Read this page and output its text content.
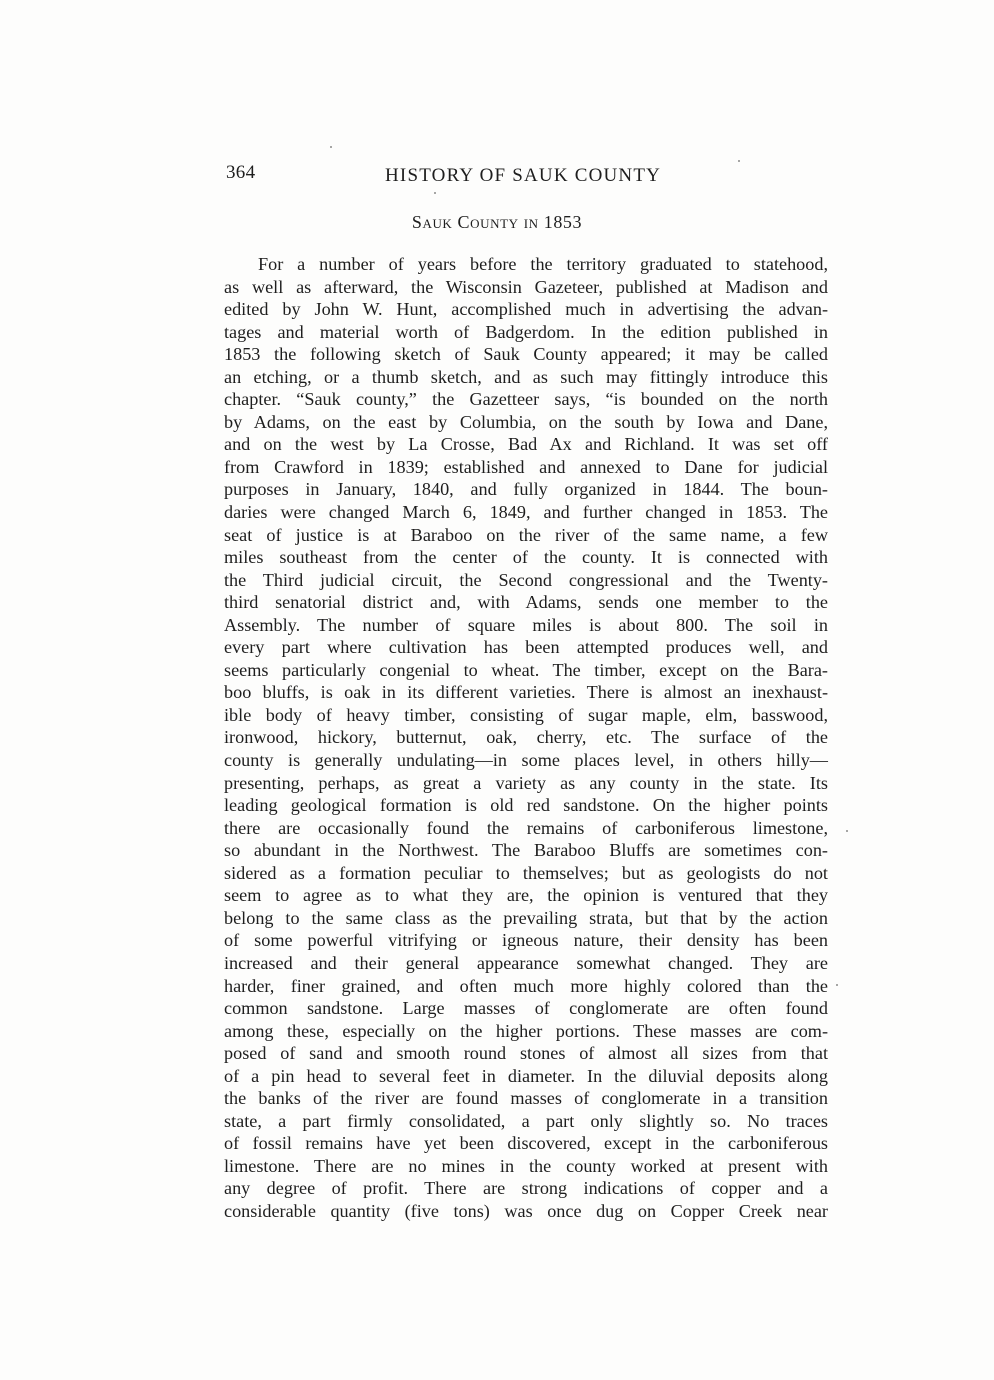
364	HISTORY OF SAUK COUNTY
Sauk County in 1853
For a number of years before the territory graduated to statehood,
as well as afterward, the Wisconsin Gazeteer, published at Madison and
edited by John W. Hunt, accomplished much in advertising the advan-
tages and material worth of Badgerdom. In the edition published in
1853 the following sketch of Sauk County appeared; it may be called
an etching, or a thumb sketch, and as such may fittingly introduce this
chapter. “Sauk county,” the Gazetteer says, “is bounded on the north
by Adams, on the east by Columbia, on the south by Iowa and Dane,
and on the west by La Crosse, Bad Ax and Richland. It was set off
from Crawford in 1839; established and annexed to Dane for judicial
purposes in January, 1840, and fully organized in 1844. The boun-
daries were changed March 6, 1849, and further changed in 1853. The
seat of justice is at Baraboo on the river of the same name, a few
miles southeast from the center of the county. It is connected with
the Third judicial circuit, the Second congressional and the Twenty-
third senatorial district and, with Adams, sends one member to the
Assembly. The number of square miles is about 800. The soil in
every part where cultivation has been attempted produces well, and
seems particularly congenial to wheat. The timber, except on the Bara-
boo bluffs, is oak in its different varieties. There is almost an inexhaust-
ible body of heavy timber, consisting of sugar maple, elm, basswood,
ironwood, hickory, butternut, oak, cherry, etc. The surface of the
county is generally undulating—in some places level, in others hilly—
presenting, perhaps, as great a variety as any county in the state. Its
leading geological formation is old red sandstone. On the higher points
there are occasionally found the remains of carboniferous limestone,
so abundant in the Northwest. The Baraboo Bluffs are sometimes con-
sidered as a formation peculiar to themselves; but as geologists do not
seem to agree as to what they are, the opinion is ventured that they
belong to the same class as the prevailing strata, but that by the action
of some powerful vitrifying or igneous nature, their density has been
increased and their general appearance somewhat changed. They are
harder, finer grained, and often much more highly colored than the
common sandstone. Large masses of conglomerate are often found
among these, especially on the higher portions. These masses are com-
posed of sand and smooth round stones of almost all sizes from that
of a pin head to several feet in diameter. In the diluvial deposits along
the banks of the river are found masses of conglomerate in a transition
state, a part firmly consolidated, a part only slightly so. No traces
of fossil remains have yet been discovered, except in the carboniferous
limestone. There are no mines in the county worked at present with
any degree of profit. There are strong indications of copper and a
considerable quantity (five tons) was once dug on Copper Creek near
